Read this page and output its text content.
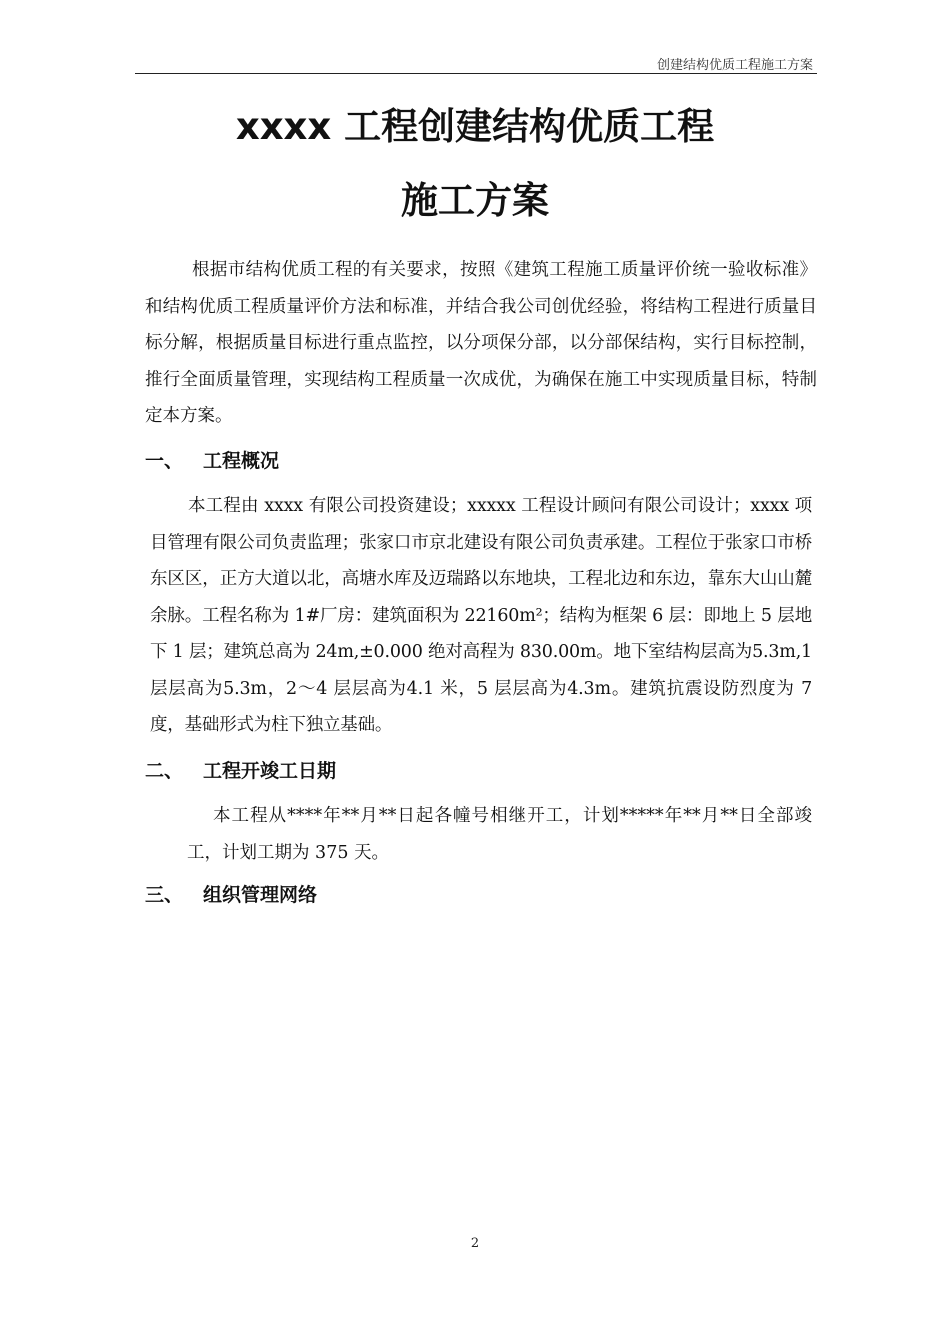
创建结构优质工程施工方案
xxxx 工程创建结构优质工程
施工方案

根据市结构优质工程的有关要求，按照《建筑工程施工质量评价统一验收标准》和结构优质工程质量评价方法和标准，并结合我公司创优经验，将结构工程进行质量目标分解，根据质量目标进行重点监控，以分项保分部，以分部保结构，实行目标控制，推行全面质量管理，实现结构工程质量一次成优，为确保在施工中实现质量目标，特制定本方案。

一、 工程概况

本工程由 xxxx 有限公司投资建设；xxxxx 工程设计顾问有限公司设计；xxxx 项目管理有限公司负责监理；张家口市京北建设有限公司负责承建。工程位于张家口市桥东区区，正方大道以北，高塘水库及迈瑞路以东地块，工程北边和东边，靠东大山山麓余脉。工程名称为 1#厂房：建筑面积为 22160m²；结构为框架 6 层：即地上 5 层地下 1 层；建筑总高为 24m,±0.000 绝对高程为 830.00m。地下室结构层高为5.3m,1 层层高为5.3m，2～4 层层高为4.1 米，5 层层高为4.3m。建筑抗震设防烈度为 7 度，基础形式为柱下独立基础。

二、 工程开竣工日期

本工程从****年**月**日起各幢号相继开工，计划*****年**月**日全部竣工，计划工期为 375 天。

三、 组织管理网络
2
